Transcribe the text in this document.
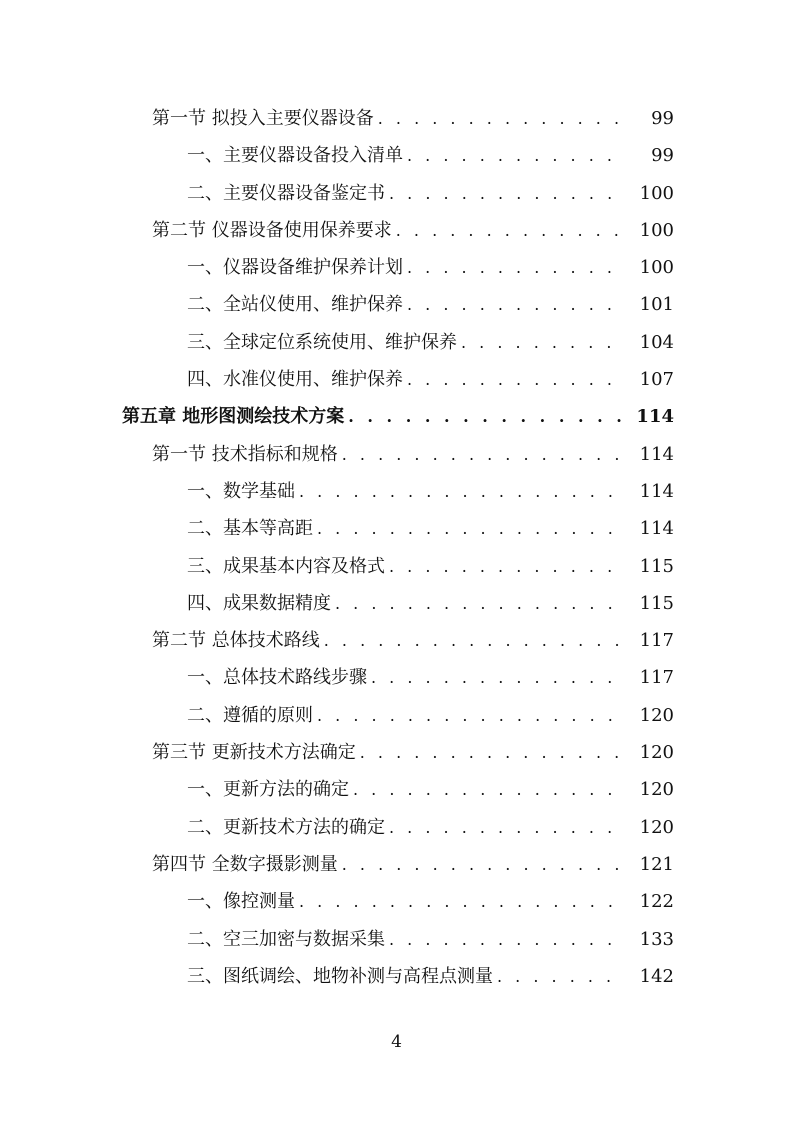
第一节 拟投入主要仪器设备 . . .	99
一、主要仪器设备投入清单 . . .	99
二、主要仪器设备鉴定书 . . .	100
第二节 仪器设备使用保养要求 . . .	100
一、仪器设备维护保养计划 . . .	100
二、全站仪使用、维护保养 . . .	101
三、全球定位系统使用、维护保养 . . .	104
四、水准仪使用、维护保养 . . .	107
第五章 地形图测绘技术方案 . . .	114
第一节 技术指标和规格 . . .	114
一、数学基础 . . .	114
二、基本等高距 . . .	114
三、成果基本内容及格式 . . .	115
四、成果数据精度 . . .	115
第二节 总体技术路线 . . .	117
一、总体技术路线步骤 . . .	117
二、遵循的原则 . . .	120
第三节 更新技术方法确定 . . .	120
一、更新方法的确定 . . .	120
二、更新技术方法的确定 . . .	120
第四节 全数字摄影测量 . . .	121
一、像控测量 . . .	122
二、空三加密与数据采集 . . .	133
三、图纸调绘、地物补测与高程点测量 . . .	142
4
